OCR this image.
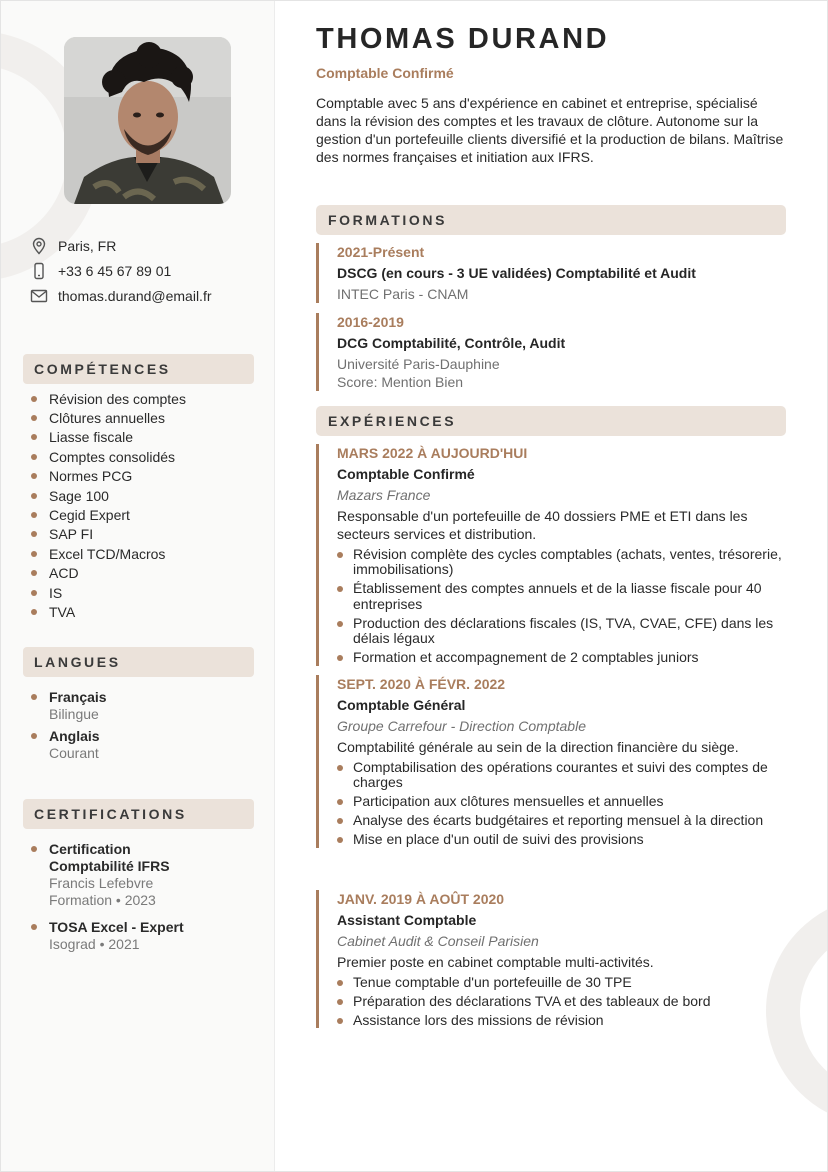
Paris, FR
+33 6 45 67 89 01
thomas.durand@email.fr
COMPÉTENCES
Révision des comptes
Clôtures annuelles
Liasse fiscale
Comptes consolidés
Normes PCG
Sage 100
Cegid Expert
SAP FI
Excel TCD/Macros
ACD
IS
TVA
LANGUES
Français
Bilingue
Anglais
Courant
CERTIFICATIONS
Certification
Comptabilité IFRS
Francis Lefebvre
Formation • 2023
TOSA Excel - Expert
Isograd • 2021
THOMAS DURAND
Comptable Confirmé
Comptable avec 5 ans d'expérience en cabinet et entreprise, spécialisé dans la révision des comptes et les travaux de clôture. Autonome sur la gestion d'un portefeuille clients diversifié et la production de bilans. Maîtrise des normes françaises et initiation aux IFRS.
FORMATIONS
2021-Présent
DSCG (en cours - 3 UE validées) Comptabilité et Audit
INTEC Paris - CNAM
2016-2019
DCG Comptabilité, Contrôle, Audit
Université Paris-Dauphine
Score: Mention Bien
EXPÉRIENCES
MARS 2022 À AUJOURD'HUI
Comptable Confirmé
Mazars France
Responsable d'un portefeuille de 40 dossiers PME et ETI dans les secteurs services et distribution.
Révision complète des cycles comptables (achats, ventes, trésorerie, immobilisations)
Établissement des comptes annuels et de la liasse fiscale pour 40 entreprises
Production des déclarations fiscales (IS, TVA, CVAE, CFE) dans les délais légaux
Formation et accompagnement de 2 comptables juniors
SEPT. 2020 À FÉVR. 2022
Comptable Général
Groupe Carrefour - Direction Comptable
Comptabilité générale au sein de la direction financière du siège.
Comptabilisation des opérations courantes et suivi des comptes de charges
Participation aux clôtures mensuelles et annuelles
Analyse des écarts budgétaires et reporting mensuel à la direction
Mise en place d'un outil de suivi des provisions
JANV. 2019 À AOÛT 2020
Assistant Comptable
Cabinet Audit & Conseil Parisien
Premier poste en cabinet comptable multi-activités.
Tenue comptable d'un portefeuille de 30 TPE
Préparation des déclarations TVA et des tableaux de bord
Assistance lors des missions de révision
